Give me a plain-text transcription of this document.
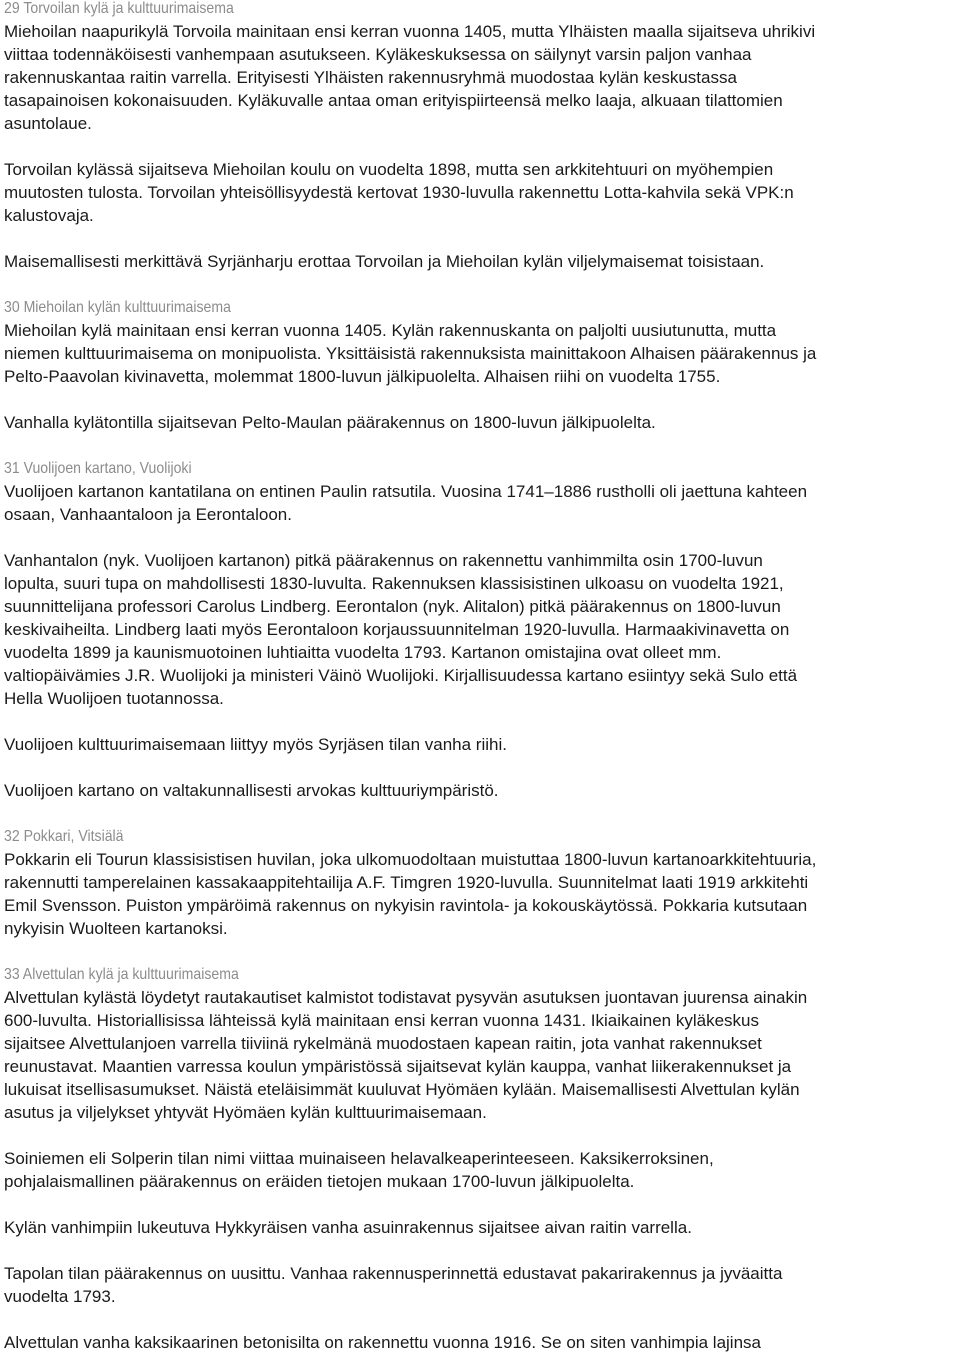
29 Torvoilan kylä ja kulttuurimaisema

Miehoilan naapurikylä Torvoila mainitaan ensi kerran vuonna 1405, mutta Ylhäisten maalla sijaitseva uhrikivi
viittaa todennäköisesti vanhempaan asutukseen. Kyläkeskuksessa on säilynyt varsin paljon vanhaa
rakennuskantaa raitin varrella. Erityisesti Ylhäisten rakennusryhmä muodostaa kylän keskustassa
tasapainoisen kokonaisuuden. Kyläkuvalle antaa oman erityispiirteensä melko laaja, alkuaan tilattomien
asuntolaue.

Torvoilan kylässä sijaitseva Miehoilan koulu on vuodelta 1898, mutta sen arkkitehtuuri on myöhempien
muutosten tulosta. Torvoilan yhteisöllisyydestä kertovat 1930-luvulla rakennettu Lotta-kahvila sekä VPK:n
kalustovaja.

Maisemallisesti merkittävä Syrjänharju erottaa Torvoilan ja Miehoilan kylän viljelymaisemat toisistaan.

30 Miehoilan kylän kulttuurimaisema

Miehoilan kylä mainitaan ensi kerran vuonna 1405. Kylän rakennuskanta on paljolti uusiutunutta, mutta
niemen kulttuurimaisema on monipuolista. Yksittäisistä rakennuksista mainittakoon Alhaisen päärakennus ja
Pelto-Paavolan kivinavetta, molemmat 1800-luvun jälkipuolelta. Alhaisen riihi on vuodelta 1755.

Vanhalla kylätontilla sijaitsevan Pelto-Maulan päärakennus on 1800-luvun jälkipuolelta.

31 Vuolijoen kartano, Vuolijoki

Vuolijoen kartanon kantatilana on entinen Paulin ratsutila. Vuosina 1741–1886 rustholli oli jaettuna kahteen
osaan, Vanhaantaloon ja Eerontaloon.

Vanhantalon (nyk. Vuolijoen kartanon) pitkä päärakennus on rakennettu vanhimmilta osin 1700-luvun
lopulta, suuri tupa on mahdollisesti 1830-luvulta. Rakennuksen klassisistinen ulkoasu on vuodelta 1921,
suunnittelijana professori Carolus Lindberg. Eerontalon (nyk. Alitalon) pitkä päärakennus on 1800-luvun
keskivaiheilta. Lindberg laati myös Eerontaloon korjaussuunnitelman 1920-luvulla. Harmaakivinavetta on
vuodelta 1899 ja kaunismuotoinen luhtiaitta vuodelta 1793. Kartanon omistajina ovat olleet mm.
valtiopäivämies J.R. Wuolijoki ja ministeri Väinö Wuolijoki. Kirjallisuudessa kartano esiintyy sekä Sulo että
Hella Wuolijoen tuotannossa.

Vuolijoen kulttuurimaisemaan liittyy myös Syrjäsen tilan vanha riihi.

Vuolijoen kartano on valtakunnallisesti arvokas kulttuuriympäristö.

32 Pokkari, Vitsiälä

Pokkarin eli Tourun klassisistisen huvilan, joka ulkomuodoltaan muistuttaa 1800-luvun kartanoarkkitehtuuria,
rakennutti tamperelainen kassakaappitehtailija A.F. Timgren 1920-luvulla. Suunnitelmat laati 1919 arkkitehti
Emil Svensson. Puiston ympäröimä rakennus on nykyisin ravintola- ja kokouskäytössä. Pokkaria kutsutaan
nykyisin Wuolteen kartanoksi.

33 Alvettulan kylä ja kulttuurimaisema

Alvettulan kylästä löydetyt rautakautiset kalmistot todistavat pysyvän asutuksen juontavan juurensa ainakin
600-luvulta. Historiallisissa lähteissä kylä mainitaan ensi kerran vuonna 1431. Ikiaikainen kyläkeskus
sijaitsee Alvettulanjoen varrella tiiviinä rykelmänä muodostaen kapean raitin, jota vanhat rakennukset
reunustavat. Maantien varressa koulun ympäristössä sijaitsevat kylän kauppa, vanhat liikerakennukset ja
lukuisat itsellisasumukset. Näistä eteläisimmät kuuluvat Hyömäen kylään. Maisemallisesti Alvettulan kylän
asutus ja viljelykset yhtyvät Hyömäen kylän kulttuurimaisemaan.

Soiniemen eli Solperin tilan nimi viittaa muinaiseen helavalkeaperinteeseen. Kaksikerroksinen,
pohjalaismallinen päärakennus on eräiden tietojen mukaan 1700-luvun jälkipuolelta.

Kylän vanhimpiin lukeutuva Hykkyräisen vanha asuinrakennus sijaitsee aivan raitin varrella.

Tapolan tilan päärakennus on uusittu. Vanhaa rakennusperinnettä edustavat pakarirakennus ja jyväaitta
vuodelta 1793.

Alvettulan vanha kaksikaarinen betonisilta on rakennettu vuonna 1916. Se on siten vanhimpia lajinsa
